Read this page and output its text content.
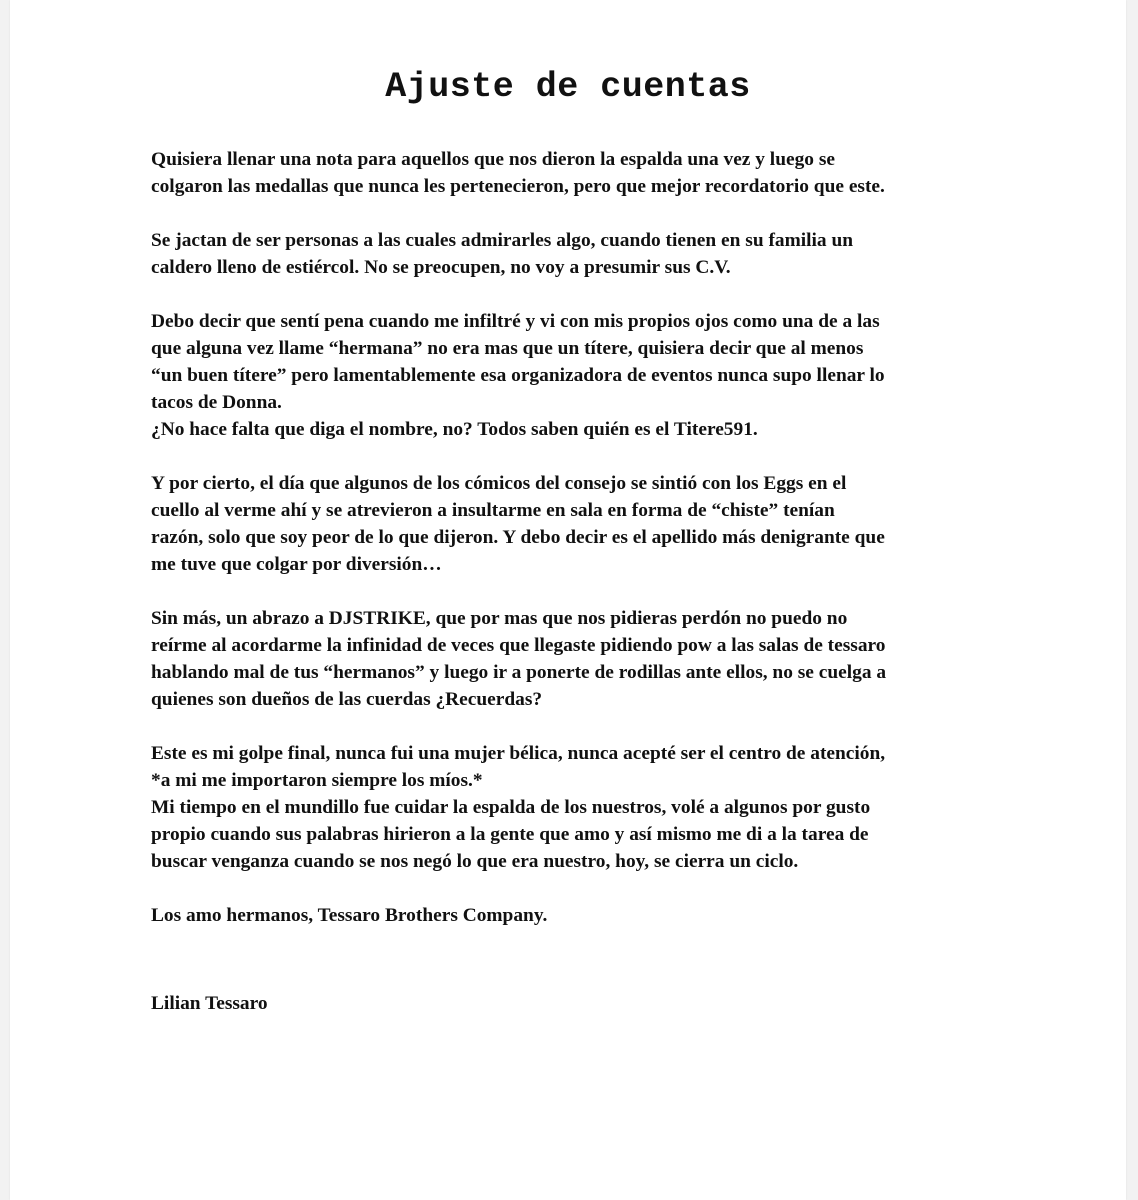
Ajuste de cuentas

Quisiera llenar una nota para aquellos que nos dieron la espalda una vez y luego se
colgaron las medallas que nunca les pertenecieron, pero que mejor recordatorio que este.

Se jactan de ser personas a las cuales admirarles algo, cuando tienen en su familia un
caldero lleno de estiércol. No se preocupen, no voy a presumir sus C.V.

Debo decir que sentí pena cuando me infiltré y vi con mis propios ojos como una de a las
que alguna vez llame “hermana” no era mas que un títere, quisiera decir que al menos
“un buen títere” pero lamentablemente esa organizadora de eventos nunca supo llenar lo
tacos de Donna.
¿No hace falta que diga el nombre, no? Todos saben quién es el Titere591.

Y por cierto, el día que algunos de los cómicos del consejo se sintió con los Eggs en el
cuello al verme ahí y se atrevieron a insultarme en sala en forma de “chiste” tenían
razón, solo que soy peor de lo que dijeron. Y debo decir es el apellido más denigrante que
me tuve que colgar por diversión…

Sin más, un abrazo a DJSTRIKE, que por mas que nos pidieras perdón no puedo no
reírme al acordarme la infinidad de veces que llegaste pidiendo pow a las salas de tessaro
hablando mal de tus “hermanos” y luego ir a ponerte de rodillas ante ellos, no se cuelga a
quienes son dueños de las cuerdas ¿Recuerdas?

Este es mi golpe final, nunca fui una mujer bélica, nunca acepté ser el centro de atención,
*a mi me importaron siempre los míos.*
Mi tiempo en el mundillo fue cuidar la espalda de los nuestros, volé a algunos por gusto
propio cuando sus palabras hirieron a la gente que amo y así mismo me di a la tarea de
buscar venganza cuando se nos negó lo que era nuestro, hoy, se cierra un ciclo.

Los amo hermanos, Tessaro Brothers Company.

Lilian Tessaro
